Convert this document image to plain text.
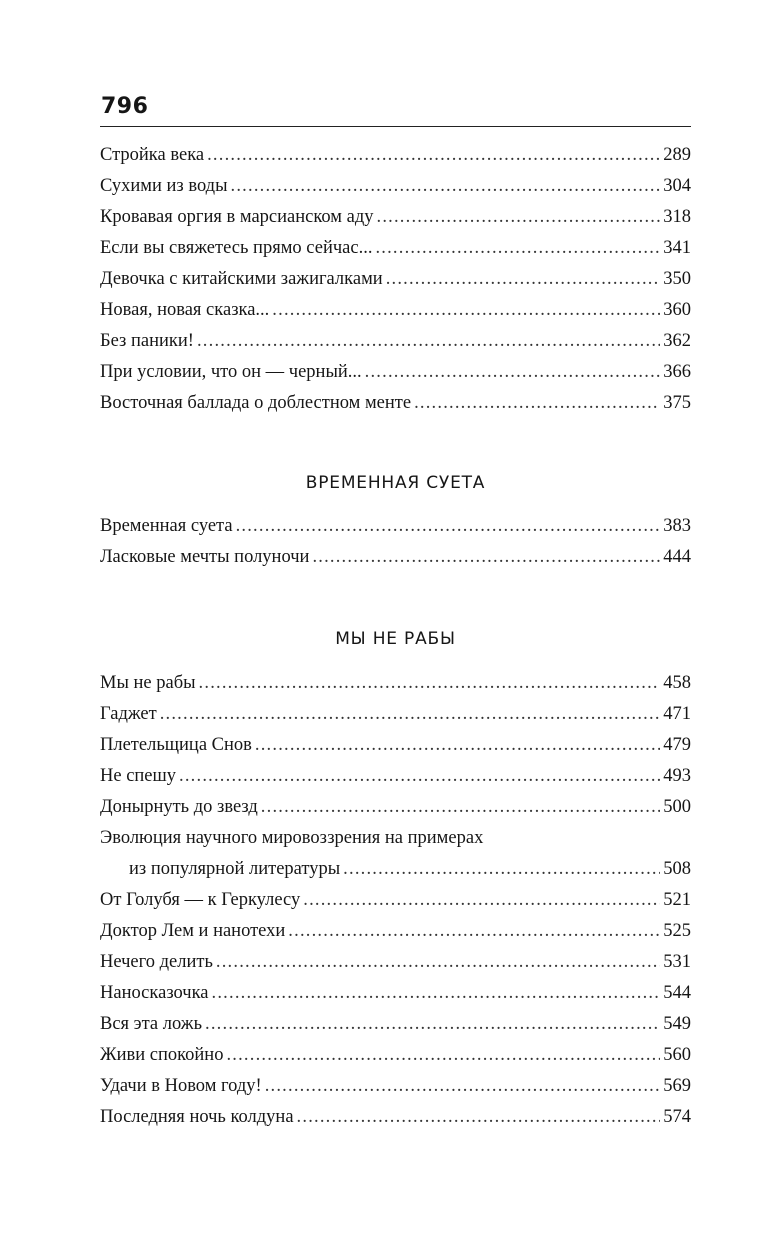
796
Стройка века .....	289
Сухими из воды .....	304
Кровавая оргия в марсианском аду .....	318
Если вы свяжетесь прямо сейчас... .....	341
Девочка с китайскими зажигалками .....	350
Новая, новая сказка... .....	360
Без паники! .....	362
При условии, что он — черный... .....	366
Восточная баллада о доблестном менте .....	375
ВРЕМЕННАЯ СУЕТА
Временная суета .....	383
Ласковые мечты полуночи .....	444
МЫ НЕ РАБЫ
Мы не рабы .....	458
Гаджет .....	471
Плетельщица Снов .....	479
Не спешу .....	493
Донырнуть до звезд .....	500
Эволюция научного мировоззрения на примерах
из популярной литературы .....	508
От Голубя — к Геркулесу .....	521
Доктор Лем и нанотехи .....	525
Нечего делить .....	531
Наносказочка .....	544
Вся эта ложь .....	549
Живи спокойно .....	560
Удачи в Новом году! .....	569
Последняя ночь колдуна .....	574
